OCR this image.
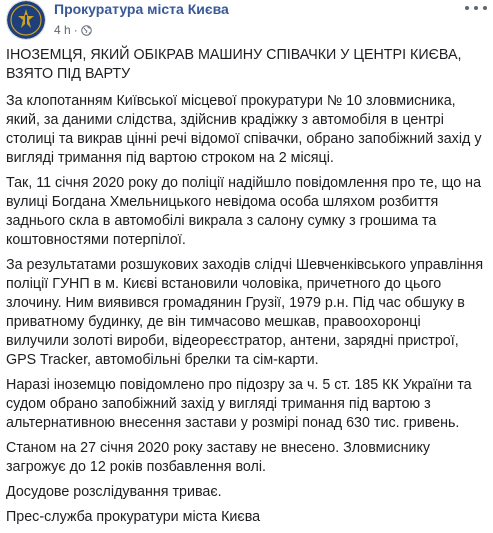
Прокуратура міста Києва
4 h ·

ІНОЗЕМЦЯ, ЯКИЙ ОБІКРАВ МАШИНУ СПІВАЧКИ У ЦЕНТРІ КИЄВА, ВЗЯТО ПІД ВАРТУ

За клопотанням Київської місцевої прокуратури № 10 зловмисника, який, за даними слідства, здійснив крадіжку з автомобіля в центрі столиці та викрав цінні речі відомої співачки, обрано запобіжний захід у вигляді тримання під вартою строком на 2 місяці.

Так, 11 січня 2020 року до поліції надійшло повідомлення про те, що на вулиці Богдана Хмельницького невідома особа шляхом розбиття заднього скла в автомобілі викрала з салону сумку з грошима та коштовностями потерпілої.

За результатами розшукових заходів слідчі Шевченківського управління поліції ГУНП в м. Києві встановили чоловіка, причетного до цього злочину. Ним виявився громадянин Грузії, 1979 р.н. Під час обшуку в приватному будинку, де він тимчасово мешкав, правоохоронці вилучили золоті вироби, відеореєстратор, антени, зарядні пристрої, GPS Tracker, автомобільні брелки та сім-карти.

Наразі іноземцю повідомлено про підозру за ч. 5 ст. 185 КК України та судом обрано запобіжний захід у вигляді тримання під вартою з альтернативною внесення застави у розмірі понад 630 тис. гривень.

Станом на 27 січня 2020 року заставу не внесено. Зловмиснику загрожує до 12 років позбавлення волі.

Досудове розслідування триває.

Прес-служба прокуратури міста Києва
